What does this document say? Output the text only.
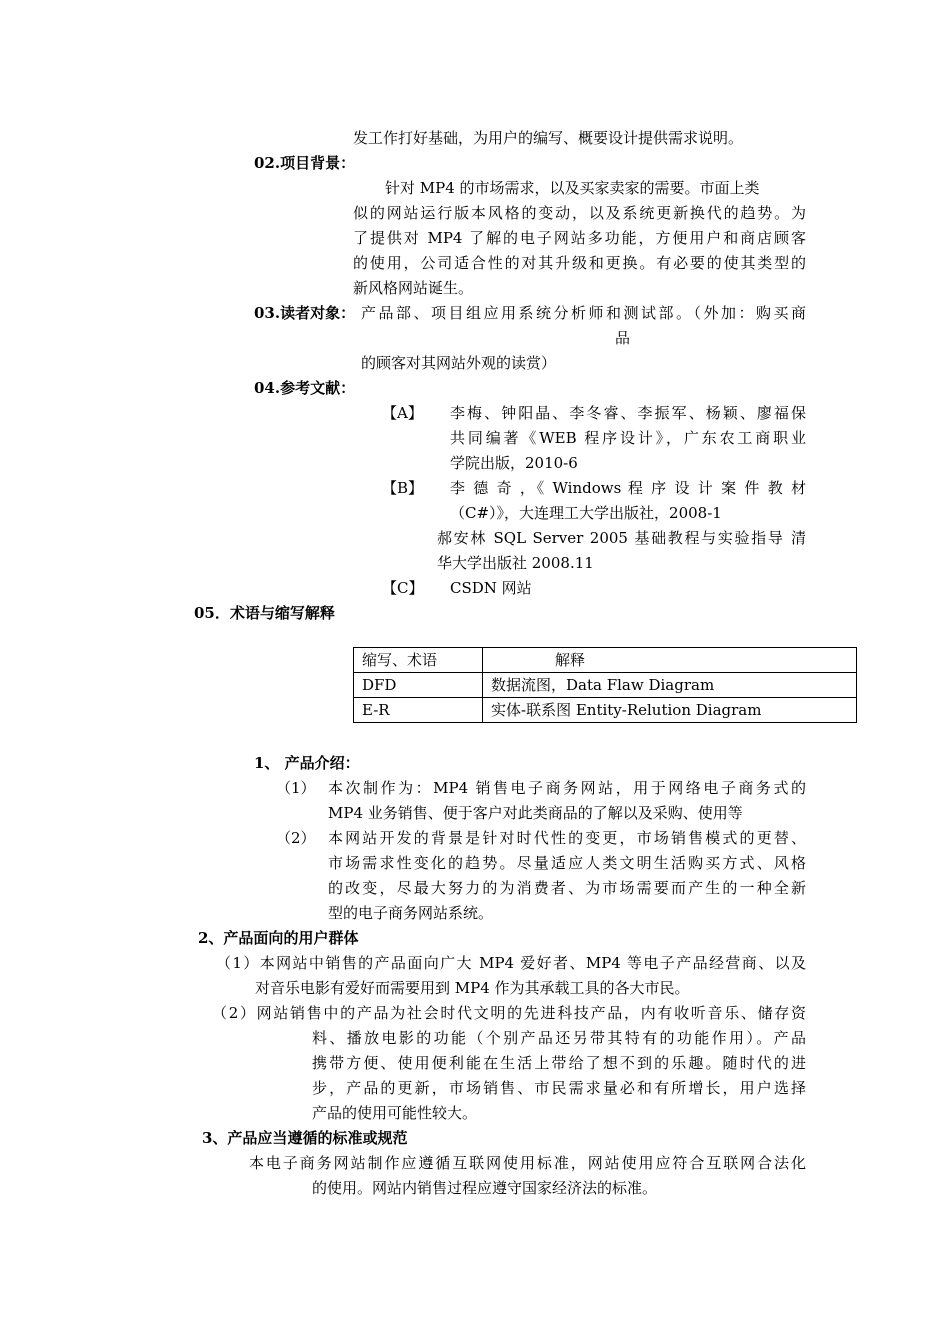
发工作打好基础，为用户的编写、概要设计提供需求说明。
02.项目背景：
针对 MP4 的市场需求，以及买家卖家的需要。市面上类
似的网站运行版本风格的变动，以及系统更新换代的趋势。为
了提供对 MP4 了解的电子网站多功能，方便用户和商店顾客
的使用，公司适合性的对其升级和更换。有必要的使其类型的
新风格网站诞生。
03.读者对象： 产品部、项目组应用系统分析师和测试部。（外加：购买商
品
的顾客对其网站外观的读赏）
04.参考文献：
【A】 李梅、钟阳晶、李冬睿、李振军、杨颖、廖福保
共同编著《WEB 程序设计》，广东农工商职业
学院出版，2010-6
【B】 李 德 奇 ，《 Windows 程 序 设 计 案 件 教 材
（C#）》，大连理工大学出版社，2008-1
郝安林 SQL Server 2005 基础教程与实验指导 清
华大学出版社 2008.11
【C】 CSDN 网站
05．术语与缩写解释
缩写、术语	解释
DFD	数据流图，Data Flaw Diagram
E-R	实体-联系图 Entity-Relution Diagram
1、 产品介绍：
（1） 本次制作为：MP4 销售电子商务网站，用于网络电子商务式的
MP4 业务销售、便于客户对此类商品的了解以及采购、使用等
（2） 本网站开发的背景是针对时代性的变更，市场销售模式的更替、
市场需求性变化的趋势。尽量适应人类文明生活购买方式、风格
的改变，尽最大努力的为消费者、为市场需要而产生的一种全新
型的电子商务网站系统。
2、产品面向的用户群体
（1）本网站中销售的产品面向广大 MP4 爱好者、MP4 等电子产品经营商、以及
对音乐电影有爱好而需要用到 MP4 作为其承载工具的各大市民。
（2）网站销售中的产品为社会时代文明的先进科技产品，内有收听音乐、储存资
料、播放电影的功能（个别产品还另带其特有的功能作用）。产品
携带方便、使用便利能在生活上带给了想不到的乐趣。随时代的进
步，产品的更新，市场销售、市民需求量必和有所增长，用户选择
产品的使用可能性较大。
3、产品应当遵循的标准或规范
本电子商务网站制作应遵循互联网使用标准，网站使用应符合互联网合法化
的使用。网站内销售过程应遵守国家经济法的标准。
